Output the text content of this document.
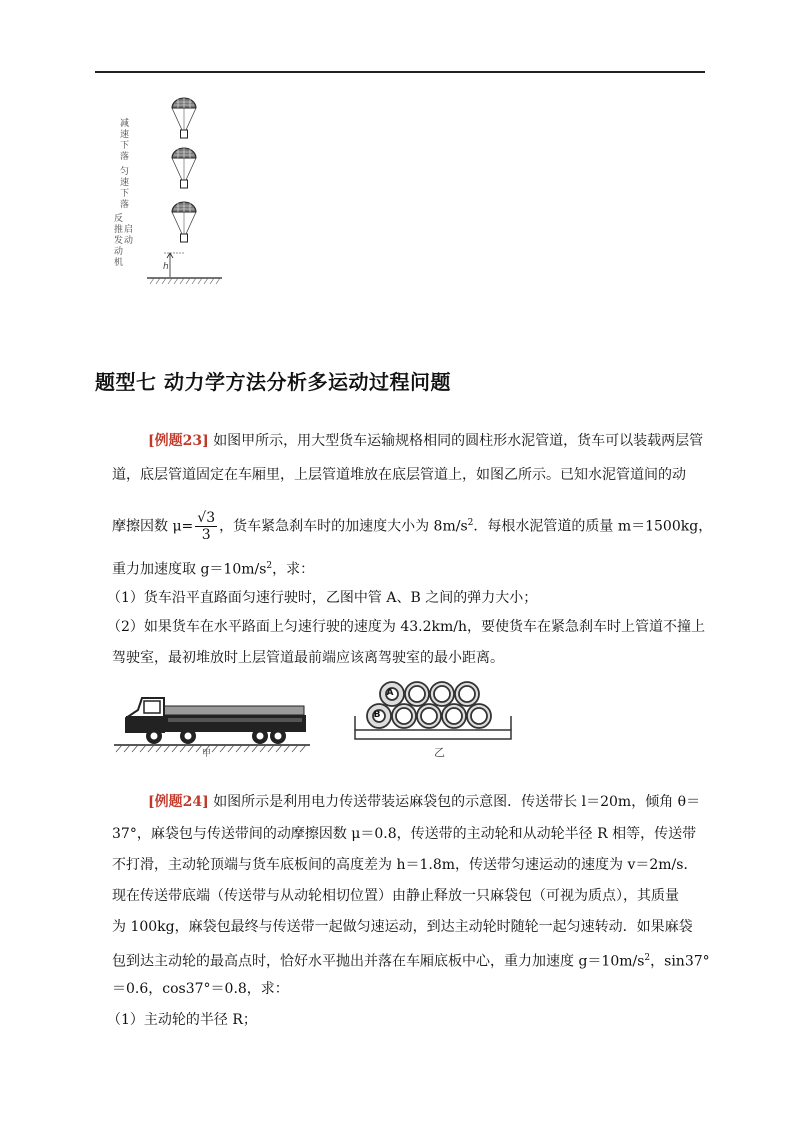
减速下落
匀速下落
反推发动机
启动
h
题型七 动力学方法分析多运动过程问题
[例题23] 如图甲所示，用大型货车运输规格相同的圆柱形水泥管道，货车可以装载两层管
道，底层管道固定在车厢里，上层管道堆放在底层管道上，如图乙所示。已知水泥管道间的动
摩擦因数 $\mu= \frac{√3}{3}$ ，货车紧急刹车时的加速度大小为 $8m/s^2$．每根水泥管道的质量 m＝1500kg，
重力加速度取 $g=10m/s^2$，求：
（1）货车沿平直路面匀速行驶时，乙图中管 A、B 之间的弹力大小；
（2）如果货车在水平路面上匀速行驶的速度为 43.2km/h，要使货车在紧急刹车时上管道不撞上
驾驶室，最初堆放时上层管道最前端应该离驾驶室的最小距离。
甲
A
B
乙
[例题24] 如图所示是利用电力传送带装运麻袋包的示意图．传送带长 l＝20m，倾角 θ＝
37°，麻袋包与传送带间的动摩擦因数 μ＝0.8，传送带的主动轮和从动轮半径 R 相等，传送带
不打滑，主动轮顶端与货车底板间的高度差为 h＝1.8m，传送带匀速运动的速度为 v＝2m/s．
现在传送带底端（传送带与从动轮相切位置）由静止释放一只麻袋包（可视为质点），其质量
为 100kg，麻袋包最终与传送带一起做匀速运动，到达主动轮时随轮一起匀速转动．如果麻袋
包到达主动轮的最高点时，恰好水平抛出并落在车厢底板中心，重力加速度 $g=10m/s^2$，sin37°
＝0.6，cos37°＝0.8，求：
（1）主动轮的半径 R；
